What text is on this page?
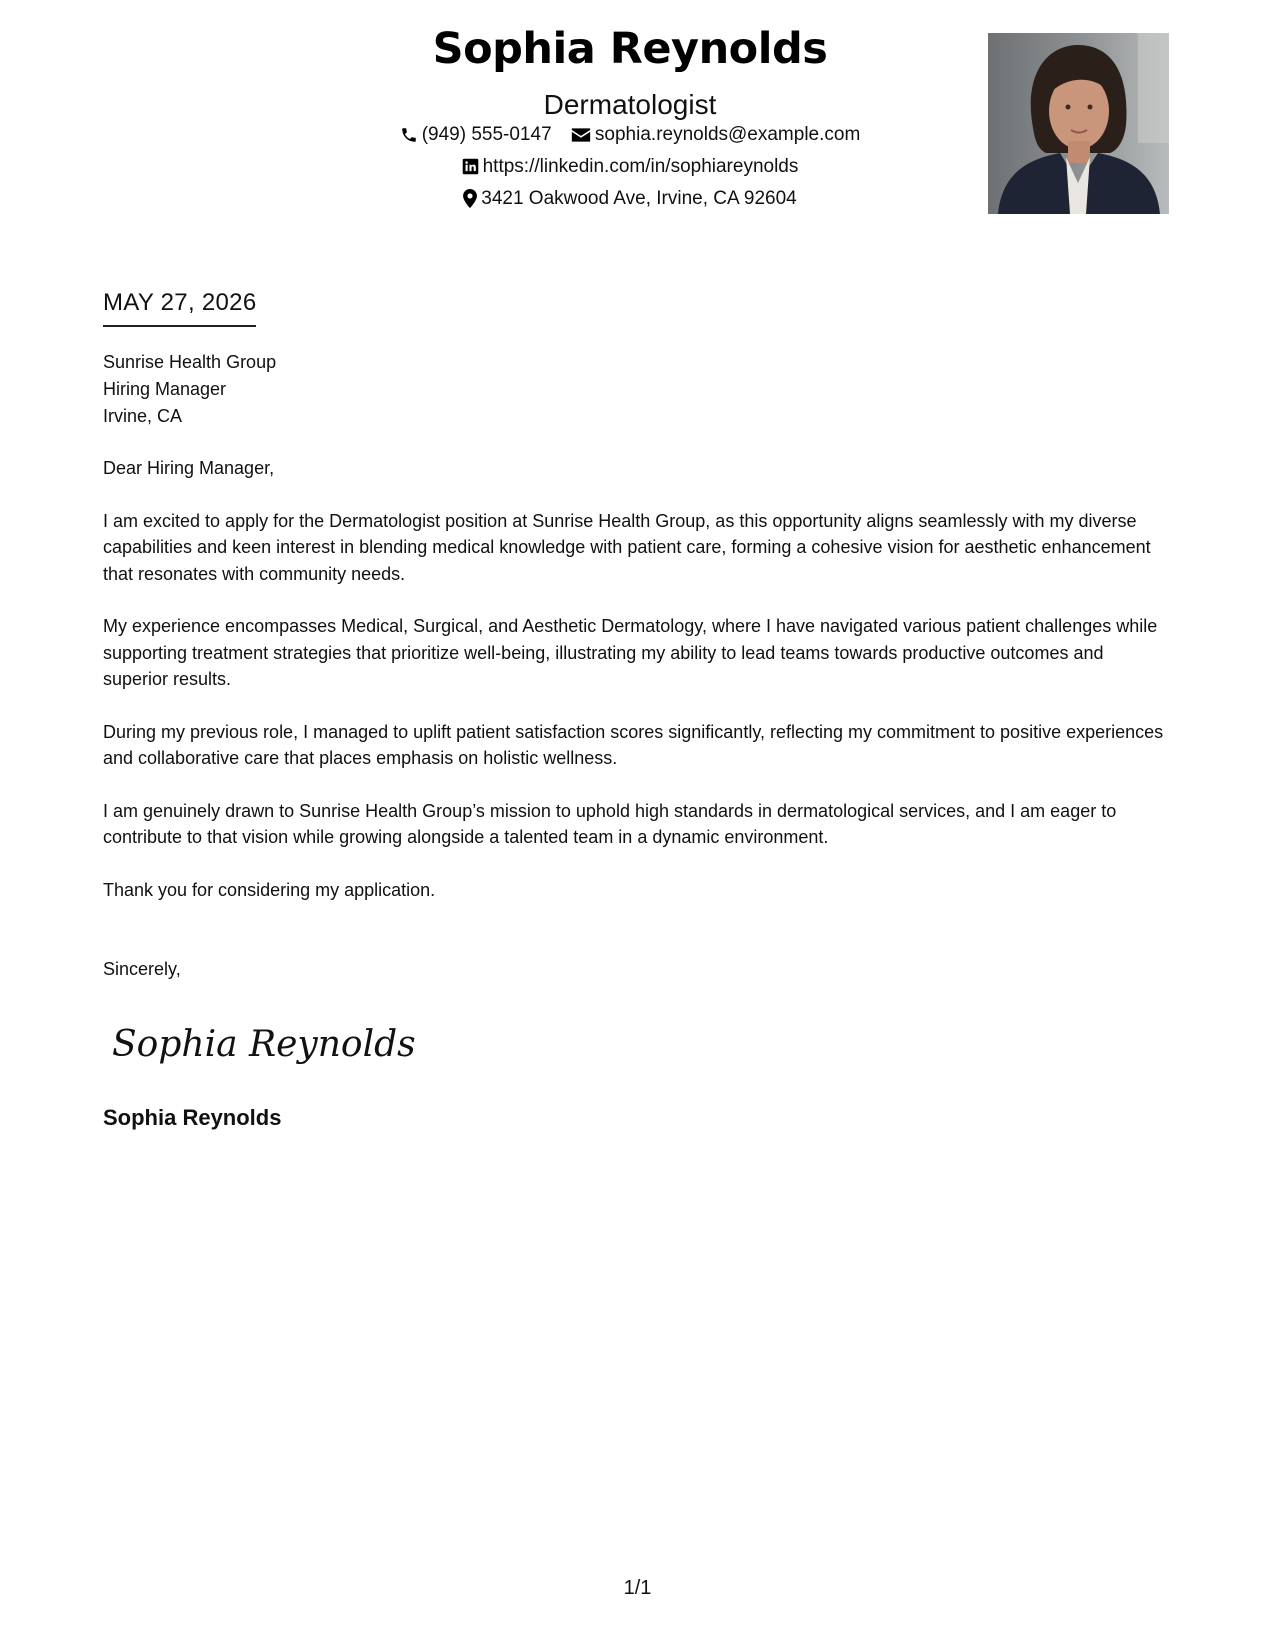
Sophia Reynolds
Dermatologist
(949) 555-0147
sophia.reynolds@example.com
https://linkedin.com/in/sophiareynolds
3421 Oakwood Ave, Irvine, CA 92604
MAY 27, 2026
Sunrise Health Group
Hiring Manager
Irvine, CA

Dear Hiring Manager,

I am excited to apply for the Dermatologist position at Sunrise Health Group, as this opportunity aligns seamlessly with my diverse capabilities and keen interest in blending medical knowledge with patient care, forming a cohesive vision for aesthetic enhancement that resonates with community needs.

My experience encompasses Medical, Surgical, and Aesthetic Dermatology, where I have navigated various patient challenges while supporting treatment strategies that prioritize well-being, illustrating my ability to lead teams towards productive outcomes and superior results.

During my previous role, I managed to uplift patient satisfaction scores significantly, reflecting my commitment to positive experiences and collaborative care that places emphasis on holistic wellness.

I am genuinely drawn to Sunrise Health Group’s mission to uphold high standards in dermatological services, and I am eager to contribute to that vision while growing alongside a talented team in a dynamic environment.

Thank you for considering my application.

Sincerely,
Sophia Reynolds
Sophia Reynolds
1/1
